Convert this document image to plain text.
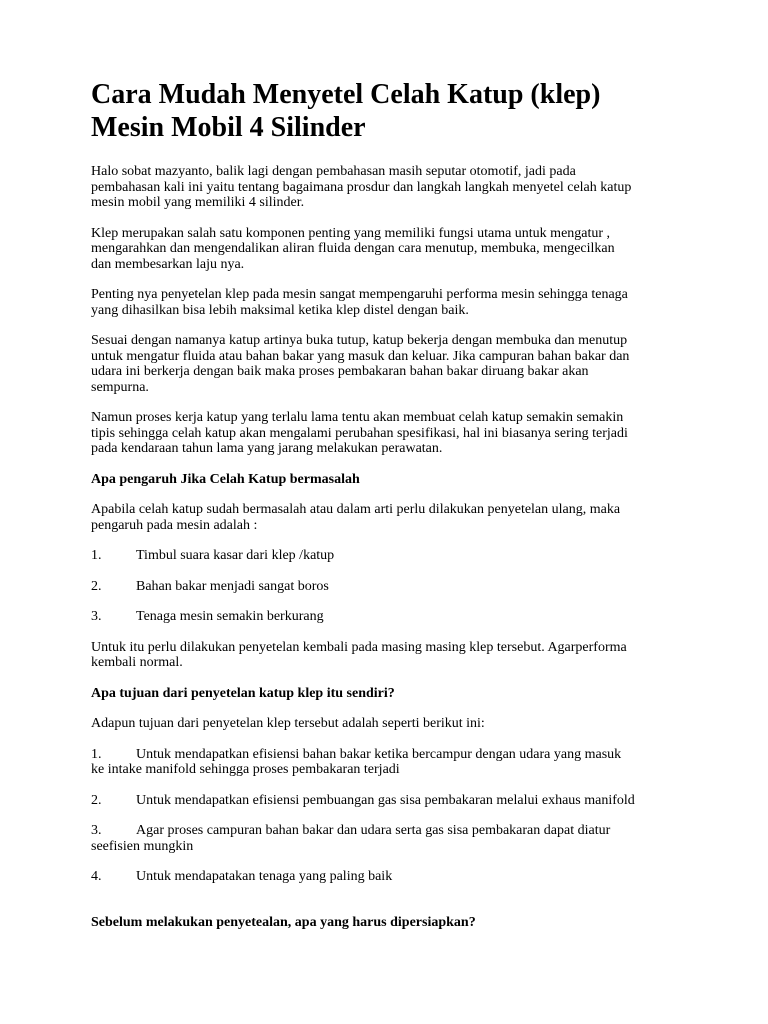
Cara Mudah Menyetel Celah Katup (klep)
Mesin Mobil 4 Silinder
Halo sobat mazyanto, balik lagi dengan pembahasan masih seputar otomotif, jadi pada
pembahasan kali ini yaitu tentang bagaimana prosdur dan langkah langkah menyetel celah katup
mesin mobil yang memiliki 4 silinder.
Klep merupakan salah satu komponen penting yang memiliki fungsi utama untuk mengatur ,
mengarahkan dan mengendalikan aliran fluida dengan cara menutup, membuka, mengecilkan
dan membesarkan laju nya.
Penting nya penyetelan klep pada mesin sangat mempengaruhi performa mesin sehingga tenaga
yang dihasilkan bisa lebih maksimal ketika klep distel dengan baik.
Sesuai dengan namanya katup artinya buka tutup, katup bekerja dengan membuka dan menutup
untuk mengatur fluida atau bahan bakar yang masuk dan keluar. Jika campuran bahan bakar dan
udara ini berkerja dengan baik maka proses pembakaran bahan bakar diruang bakar akan
sempurna.
Namun proses kerja katup yang terlalu lama tentu akan membuat celah katup semakin semakin
tipis sehingga celah katup akan mengalami perubahan spesifikasi, hal ini biasanya sering terjadi
pada kendaraan tahun lama yang jarang melakukan perawatan.
Apa pengaruh Jika Celah Katup bermasalah
Apabila celah katup sudah bermasalah atau dalam arti perlu dilakukan penyetelan ulang, maka
pengaruh pada mesin adalah :
1. Timbul suara kasar dari klep /katup
2. Bahan bakar menjadi sangat boros
3. Tenaga mesin semakin berkurang
Untuk itu perlu dilakukan penyetelan kembali pada masing masing klep tersebut. Agarperforma
kembali normal.
Apa tujuan dari penyetelan katup klep itu sendiri?
Adapun tujuan dari penyetelan klep tersebut adalah seperti berikut ini:
1. Untuk mendapatkan efisiensi bahan bakar ketika bercampur dengan udara yang masuk
ke intake manifold sehingga proses pembakaran terjadi
2. Untuk mendapatkan efisiensi pembuangan gas sisa pembakaran melalui exhaus manifold
3. Agar proses campuran bahan bakar dan udara serta gas sisa pembakaran dapat diatur
seefisien mungkin
4. Untuk mendapatakan tenaga yang paling baik
Sebelum melakukan penyetealan, apa yang harus dipersiapkan?
